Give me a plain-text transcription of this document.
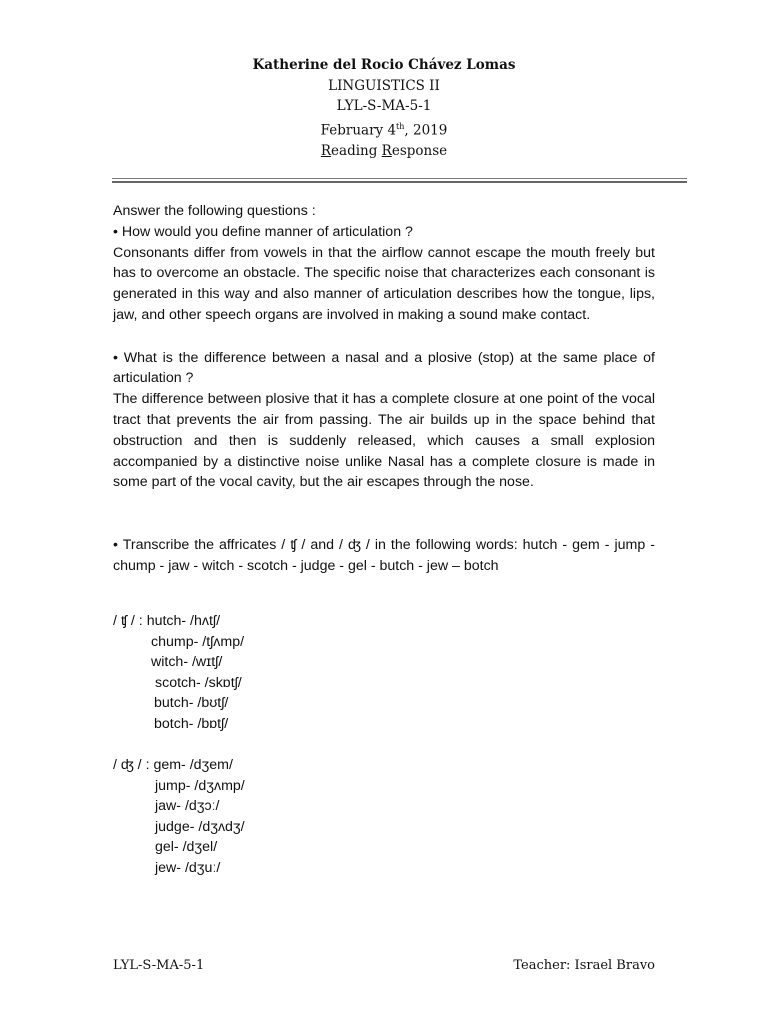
Katherine del Rocio Chávez Lomas
LINGUISTICS II
LYL-S-MA-5-1
February 4th, 2019
Reading Response

Answer the following questions :

• How would you define manner of articulation ?

Consonants differ from vowels in that the airflow cannot escape the mouth freely but has to overcome an obstacle. The specific noise that characterizes each consonant is generated in this way and also manner of articulation describes how the tongue, lips, jaw, and other speech organs are involved in making a sound make contact.

• What is the difference between a nasal and a plosive (stop) at the same place of articulation ?

The difference between plosive that it has a complete closure at one point of the vocal tract that prevents the air from passing. The air builds up in the space behind that obstruction and then is suddenly released, which causes a small explosion accompanied by a distinctive noise unlike Nasal has a complete closure is made in some part of the vocal cavity, but the air escapes through the nose.

• Transcribe the affricates / ʧ / and / ʤ / in the following words: hutch - gem - jump - chump - jaw - witch - scotch - judge - gel - butch - jew – botch

/ ʧ / : hutch- /hʌtʃ/
chump- /tʃʌmp/
witch- /wɪtʃ/
scotch- /skɒtʃ/
butch- /bʊtʃ/
botch- /bɒtʃ/
/ ʤ / : gem- /dʒem/
jump- /dʒʌmp/
jaw- /dʒɔː/
judge- /dʒʌdʒ/
gel- /dʒel/
jew- /dʒuː/
LYL-S-MA-5-1	Teacher: Israel Bravo
